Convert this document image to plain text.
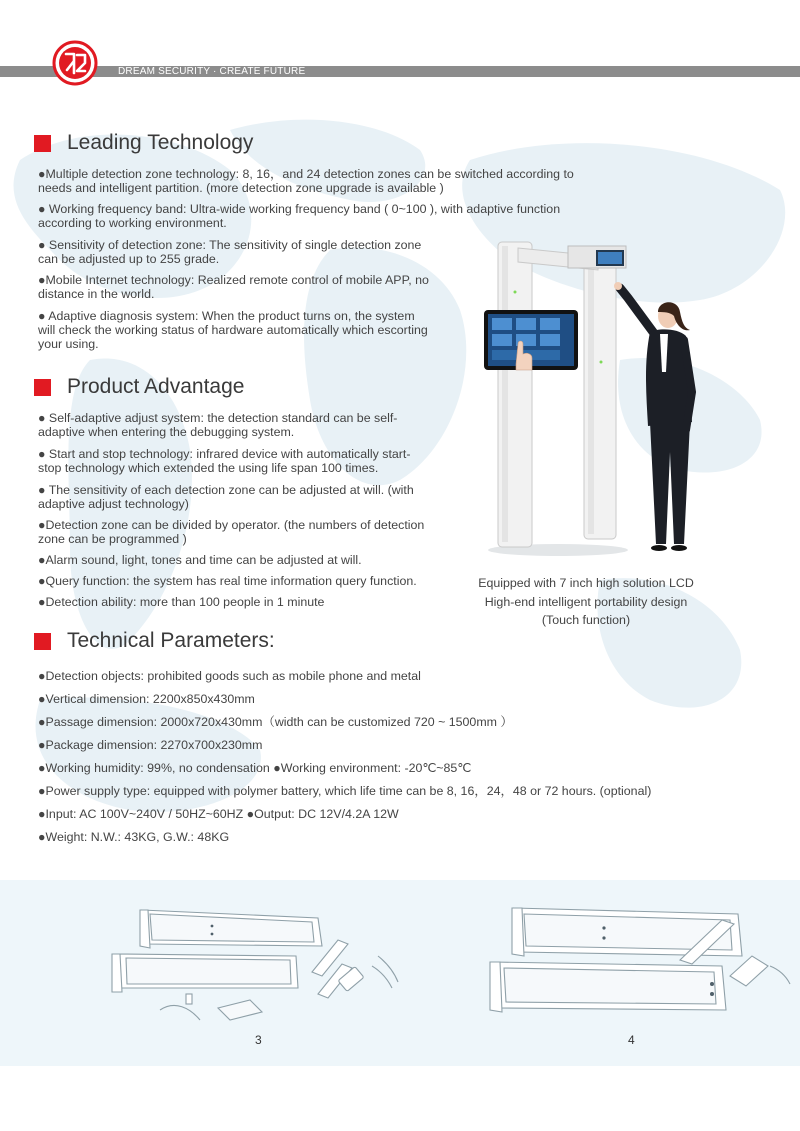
DREAM SECURITY · CREATE FUTURE
Leading Technology
●Multiple detection zone technology: 8, 16，and 24 detection zones can be switched according to
needs and intelligent partition. (more detection zone upgrade is available )
● Working frequency band: Ultra-wide working frequency band ( 0~100 ), with adaptive function
according to working environment.
● Sensitivity of detection zone: The sensitivity of single detection zone
can be adjusted up to 255 grade.
●Mobile Internet technology: Realized remote control of mobile APP, no
distance in the world.
● Adaptive diagnosis system: When the product turns on, the system
will check the working status of hardware automatically which escorting
your using.
Product Advantage
● Self-adaptive adjust system: the detection standard can be self-
adaptive when entering the debugging system.
● Start and stop technology: infrared device with automatically start-
stop technology which extended the using life span 100 times.
● The sensitivity of each detection zone can be adjusted at will. (with
adaptive adjust technology)
●Detection zone can be divided by operator. (the numbers of detection
zone can be programmed )
●Alarm sound, light, tones and time can be adjusted at will.
●Query function: the system has real time information query function.
●Detection ability: more than 100 people in 1 minute
Equipped with 7 inch high solution LCD
High-end intelligent portability design
(Touch function)
Technical Parameters:
●Detection objects: prohibited goods such as mobile phone and metal
●Vertical dimension: 2200x850x430mm
●Passage dimension: 2000x720x430mm（width can be customized 720 ~ 1500mm ）
●Package dimension: 2270x700x230mm
●Working humidity: 99%, no condensation ●Working environment: -20℃~85℃
●Power supply type: equipped with polymer battery, which life time can be 8, 16，24，48 or 72 hours. (optional)
●Input: AC 100V~240V / 50HZ~60HZ ●Output: DC 12V/4.2A 12W
●Weight: N.W.: 43KG, G.W.: 48KG
3	4
